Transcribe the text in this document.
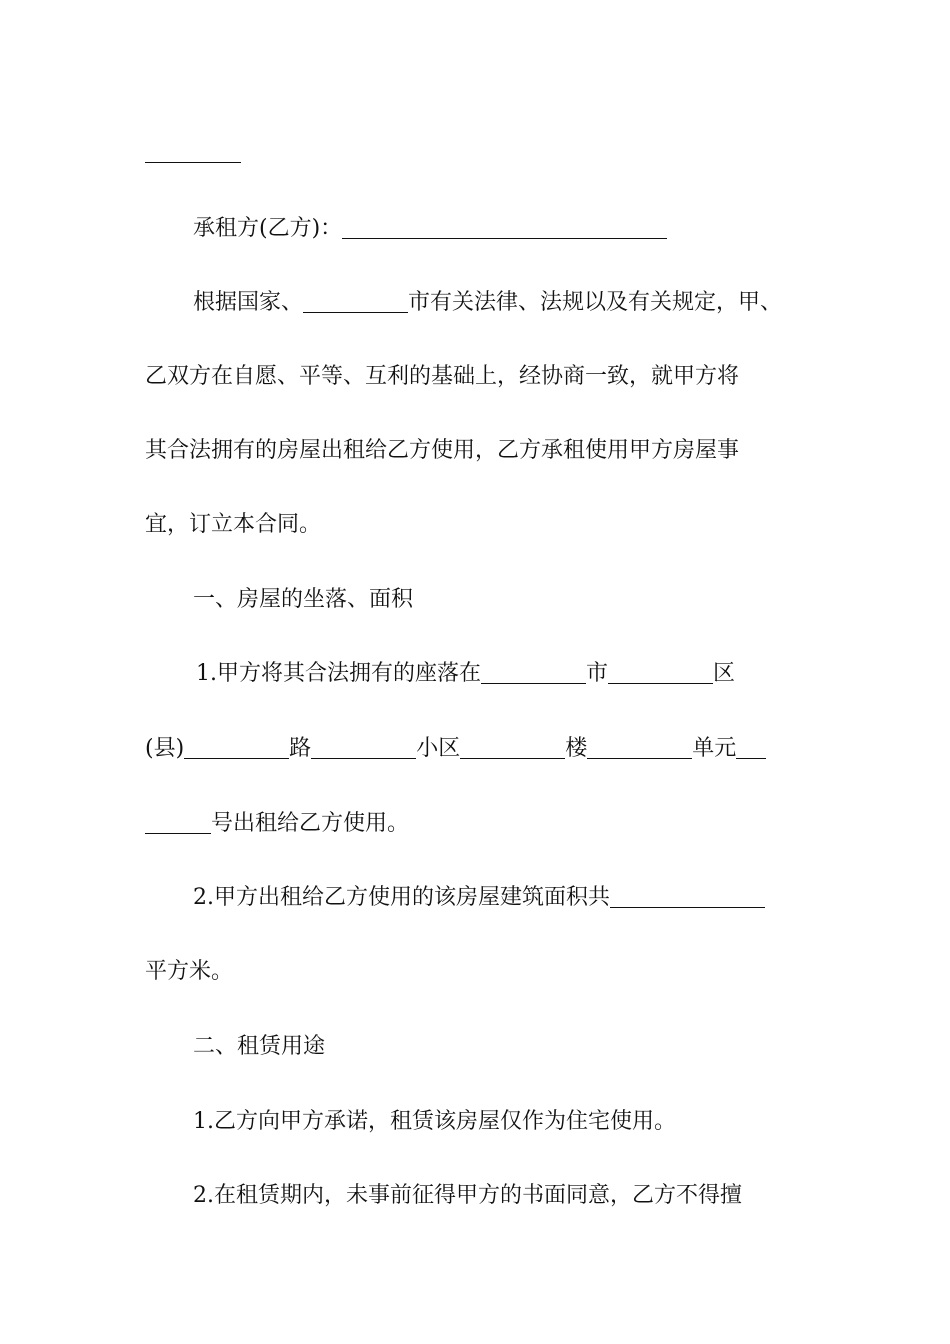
承租方(乙方)：
根据国家、	市有关法律、法规以及有关规定，甲、
乙双方在自愿、平等、互利的基础上，经协商一致，就甲方将
其合法拥有的房屋出租给乙方使用，乙方承租使用甲方房屋事
宜，订立本合同。
一、房屋的坐落、面积
1.甲方将其合法拥有的座落在	市	区
(县)	路	小区	楼	单元
号出租给乙方使用。
2.甲方出租给乙方使用的该房屋建筑面积共
平方米。
二、租赁用途
1.乙方向甲方承诺，租赁该房屋仅作为住宅使用。
2.在租赁期内，未事前征得甲方的书面同意，乙方不得擅
